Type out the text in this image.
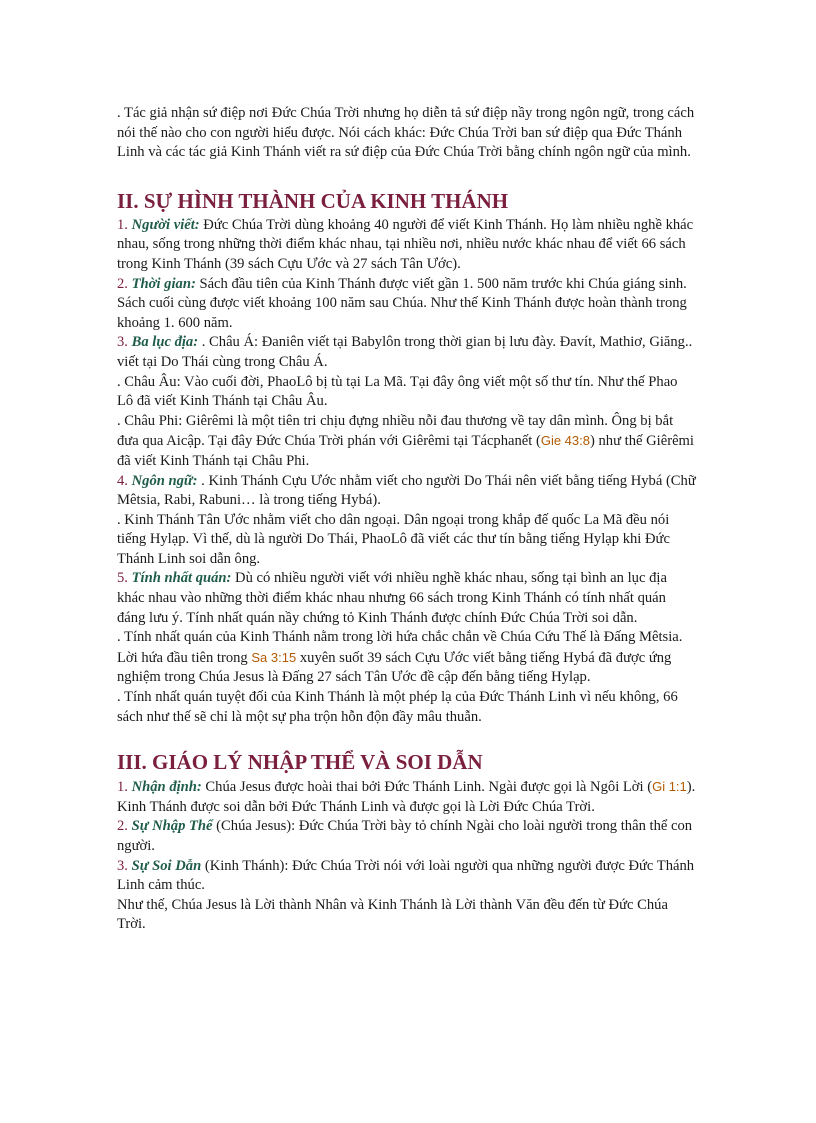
. Tác giả nhận sứ điệp nơi Đức Chúa Trời nhưng họ diễn tả sứ điệp nầy trong ngôn ngữ, trong cách nói thế nào cho con người hiểu được. Nói cách khác: Đức Chúa Trời ban sứ điệp qua Đức Thánh Linh và các tác giả Kinh Thánh viết ra sứ điệp của Đức Chúa Trời bằng chính ngôn ngữ của mình.

II. SỰ HÌNH THÀNH CỦA KINH THÁNH

1. Người viết: Đức Chúa Trời dùng khoảng 40 người để viết Kinh Thánh. Họ làm nhiều nghề khác nhau, sống trong những thời điểm khác nhau, tại nhiều nơi, nhiều nước khác nhau để viết 66 sách trong Kinh Thánh (39 sách Cựu Ước và 27 sách Tân Ước).

2. Thời gian: Sách đầu tiên của Kinh Thánh được viết gần 1. 500 năm trước khi Chúa giáng sinh. Sách cuối cùng được viết khoảng 100 năm sau Chúa. Như thế Kinh Thánh được hoàn thành trong khoảng 1. 600 năm.

3. Ba lục địa: . Châu Á: Đaniên viết tại Babylôn trong thời gian bị lưu đày. Đavít, Mathiơ, Giăng.. viết tại Do Thái cùng trong Châu Á.

. Châu Âu: Vào cuối đời, PhaoLô bị tù tại La Mã. Tại đây ông viết một số thư tín. Như thế Phao Lô đã viết Kinh Thánh tại Châu Âu.

. Châu Phi: Giêrêmi là một tiên tri chịu đựng nhiều nỗi đau thương về tay dân mình. Ông bị bắt đưa qua Aicập. Tại đây Đức Chúa Trời phán với Giêrêmi tại Tácphanết (Gie 43:8) như thế Giêrêmi đã viết Kinh Thánh tại Châu Phi.

4. Ngôn ngữ: . Kinh Thánh Cựu Ước nhằm viết cho người Do Thái nên viết bằng tiếng Hybá (Chữ Mêtsia, Rabi, Rabuni… là trong tiếng Hybá).

. Kinh Thánh Tân Ước nhằm viết cho dân ngoại. Dân ngoại trong khắp đế quốc La Mã đều nói tiếng Hylạp. Vì thế, dù là người Do Thái, PhaoLô đã viết các thư tín bằng tiếng Hylạp khi Đức Thánh Linh soi dẫn ông.

5. Tính nhất quán: Dù có nhiều người viết với nhiều nghề khác nhau, sống tại bình an lục địa khác nhau vào những thời điểm khác nhau nhưng 66 sách trong Kinh Thánh có tính nhất quán đáng lưu ý. Tính nhất quán nầy chứng tỏ Kinh Thánh được chính Đức Chúa Trời soi dẫn.

. Tính nhất quán của Kinh Thánh nằm trong lời hứa chắc chắn về Chúa Cứu Thế là Đấng Mêtsia. Lời hứa đầu tiên trong Sa 3:15 xuyên suốt 39 sách Cựu Ước viết bằng tiếng Hybá đã được ứng nghiệm trong Chúa Jesus là Đấng 27 sách Tân Ước đề cập đến bằng tiếng Hylạp.

. Tính nhất quán tuyệt đối của Kinh Thánh là một phép lạ của Đức Thánh Linh vì nếu không, 66 sách như thế sẽ chỉ là một sự pha trộn hỗn độn đầy mâu thuẫn.

III. GIÁO LÝ NHẬP THỂ VÀ SOI DẪN

1. Nhận định: Chúa Jesus được hoài thai bởi Đức Thánh Linh. Ngài được gọi là Ngôi Lời (Gi 1:1). Kinh Thánh được soi dẫn bởi Đức Thánh Linh và được gọi là Lời Đức Chúa Trời.

2. Sự Nhập Thể (Chúa Jesus): Đức Chúa Trời bày tỏ chính Ngài cho loài người trong thân thể con người.

3. Sự Soi Dẫn (Kinh Thánh): Đức Chúa Trời nói với loài người qua những người được Đức Thánh Linh cảm thúc.

Như thế, Chúa Jesus là Lời thành Nhân và Kinh Thánh là Lời thành Văn đều đến từ Đức Chúa Trời.
